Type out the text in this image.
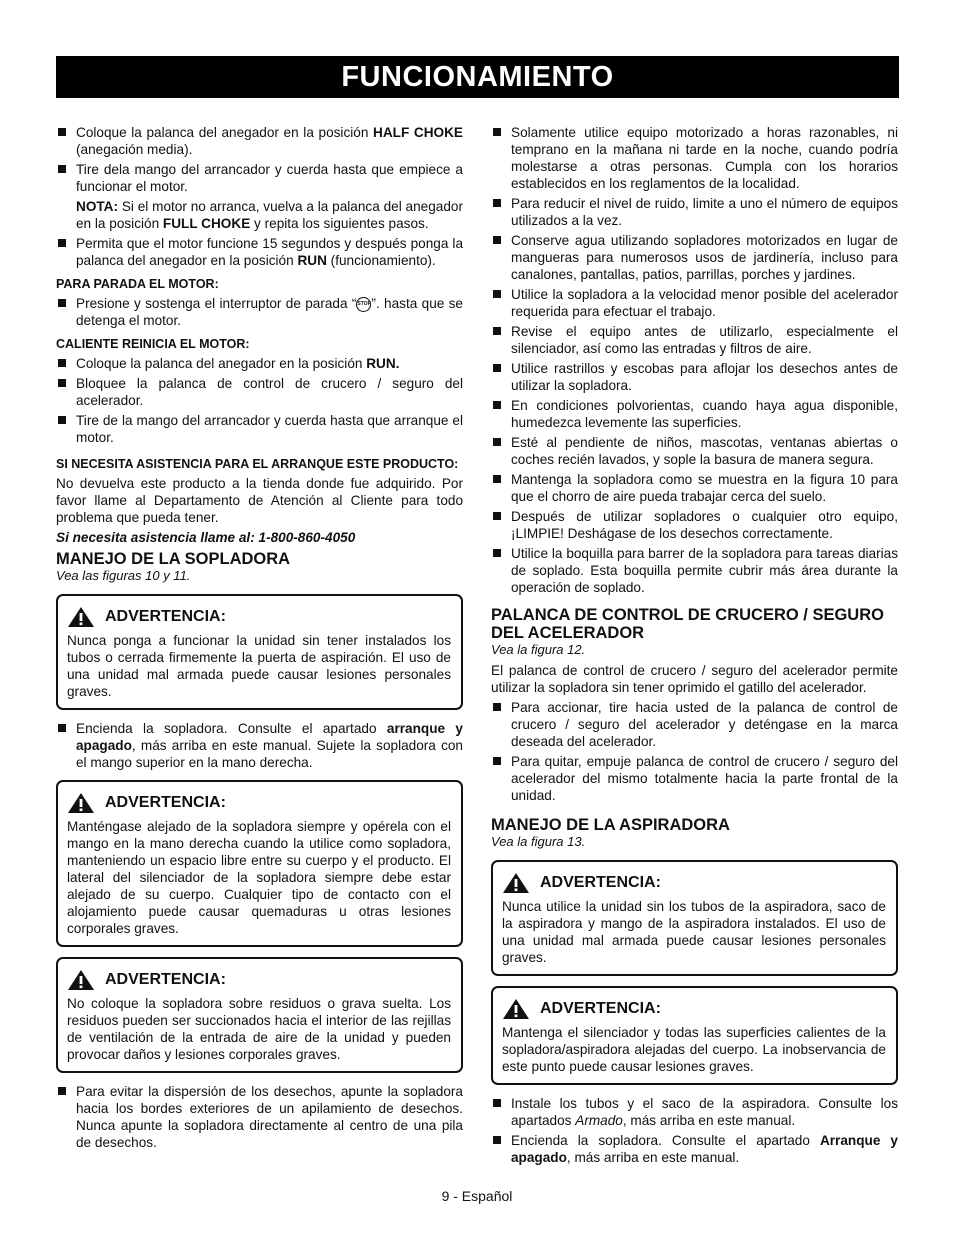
FUNCIONAMIENTO
Coloque la palanca del anegador en la posición HALF CHOKE (anegación media).
Tire dela mango del arrancador y cuerda hasta que empiece a funcionar el motor.

NOTA: Si el motor no arranca, vuelva a la palanca del anegador en la posición FULL CHOKE y repita los siguientes pasos.

Permita que el motor funcione 15 segundos y después ponga la palanca del anegador en la posición RUN (funcionamiento).
PARA PARADA EL MOTOR:
Presione y sostenga el interruptor de parada “STOP”. hasta que se detenga el motor.
CALIENTE REINICIA EL MOTOR:
Coloque la palanca del anegador en la posición RUN.
Bloquee la palanca de control de crucero / seguro del acelerador.
Tire de la mango del arrancador y cuerda hasta que arranque el motor.
SI NECESITA ASISTENCIA PARA EL ARRANQUE ESTE PRODUCTO:

No devuelva este producto a la tienda donde fue adquirido. Por favor llame al Departamento de Atención al Cliente para todo problema que pueda tener.

Si necesita asistencia llame al: 1-800-860-4050

MANEJO DE LA SOPLADORA
Vea las figuras 10 y 11.
ADVERTENCIA:

Nunca ponga a funcionar la unidad sin tener instalados los tubos o cerrada firmemente la puerta de aspiración. El uso de una unidad mal armada puede causar lesiones personales graves.

Encienda la sopladora. Consulte el apartado arranque y apagado, más arriba en este manual. Sujete la sopladora con el mango superior en la mano derecha.
ADVERTENCIA:

Manténgase alejado de la sopladora siempre y opérela con el mango en la mano derecha cuando la utilice como sopladora, manteniendo un espacio libre entre su cuerpo y el producto. El lateral del silenciador de la sopladora siempre debe estar alejado de su cuerpo. Cualquier tipo de contacto con el alojamiento puede causar quemaduras u otras lesiones corporales graves.

ADVERTENCIA:

No coloque la sopladora sobre residuos o grava suelta. Los residuos pueden ser succionados hacia el interior de las rejillas de ventilación de la entrada de aire de la unidad y pueden provocar daños y lesiones corporales graves.

Para evitar la dispersión de los desechos, apunte la sopladora hacia los bordes exteriores de un apilamiento de desechos. Nunca apunte la sopladora directamente al centro de una pila de desechos.
Solamente utilice equipo motorizado a horas razonables, ni temprano en la mañana ni tarde en la noche, cuando podría molestarse a otras personas. Cumpla con los horarios establecidos en los reglamentos de la localidad.
Para reducir el nivel de ruido, limite a uno el número de equipos utilizados a la vez.
Conserve agua utilizando sopladores motorizados en lugar de mangueras para numerosos usos de jardinería, incluso para canalones, pantallas, patios, parrillas, porches y jardines.
Utilice la sopladora a la velocidad menor posible del acelerador requerida para efectuar el trabajo.
Revise el equipo antes de utilizarlo, especialmente el silenciador, así como las entradas y filtros de aire.
Utilice rastrillos y escobas para aflojar los desechos antes de utilizar la sopladora.
En condiciones polvorientas, cuando haya agua disponible, humedezca levemente las superficies.
Esté al pendiente de niños, mascotas, ventanas abiertas o coches recién lavados, y sople la basura de manera segura.
Mantenga la sopladora como se muestra en la figura 10 para que el chorro de aire pueda trabajar cerca del suelo.
Después de utilizar sopladores o cualquier otro equipo, ¡LIMPIE! Deshágase de los desechos correctamente.
Utilice la boquilla para barrer de la sopladora para tareas diarias de soplado. Esta boquilla permite cubrir más área durante la operación de soplado.
PALANCA DE CONTROL DE CRUCERO / SEGURO DEL ACELERADOR
Vea la figura 12.

El palanca de control de crucero / seguro del acelerador permite utilizar la sopladora sin tener oprimido el gatillo del acelerador.

Para accionar, tire hacia usted de la palanca de control de crucero / seguro del acelerador y deténgase en la marca deseada del acelerador.
Para quitar, empuje palanca de control de crucero / seguro del acelerador del mismo totalmente hacia la parte frontal de la unidad.
MANEJO DE LA ASPIRADORA
Vea la figura 13.
ADVERTENCIA:

Nunca utilice la unidad sin los tubos de la aspiradora, saco de la aspiradora y mango de la aspiradora instalados. El uso de una unidad mal armada puede causar lesiones personales graves.

ADVERTENCIA:

Mantenga el silenciador y todas las superficies calientes de la sopladora/aspiradora alejadas del cuerpo. La inobservancia de este punto puede causar lesiones graves.

Instale los tubos y el saco de la aspiradora. Consulte los apartados Armado, más arriba en este manual.
Encienda la sopladora. Consulte el apartado Arranque y apagado, más arriba en este manual.
9 - Español
